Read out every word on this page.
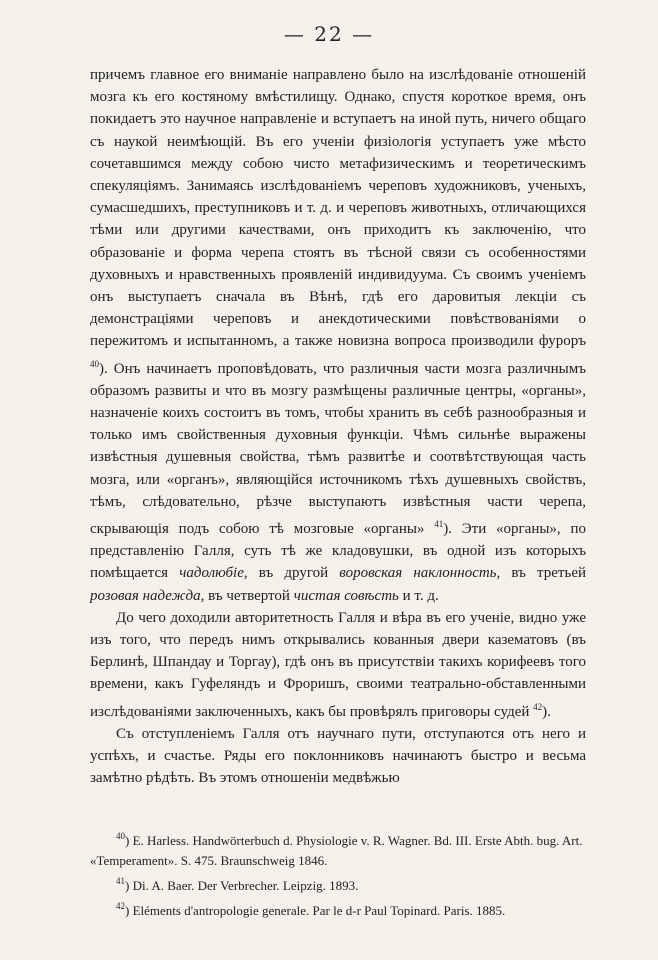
— 22 —

причемъ главное его вниманіе направлено было на изслѣдованіе отношеній мозга къ его костяному вмѣстилищу. Однако, спустя короткое время, онъ покидаетъ это научное направленіе и вступаетъ на иной путь, ничего общаго съ наукой неимѣющій. Въ его ученіи физіологія уступаетъ уже мѣсто сочетавшимся между собою чисто метафизическимъ и теоретическимъ спекуляціямъ. Занимаясь изслѣдованіемъ череповъ художниковъ, ученыхъ, сумасшедшихъ, преступниковъ и т. д. и череповъ животныхъ, отличающихся тѣми или другими качествами, онъ приходитъ къ заключенію, что образованіе и форма черепа стоятъ въ тѣсной связи съ особенностями духовныхъ и нравственныхъ проявленій индивидуума. Съ своимъ ученіемъ онъ выступаетъ сначала въ Вѣнѣ, гдѣ его даровитыя лекціи съ демонстраціями череповъ и анекдотическими повѣствованіями о пережитомъ и испытанномъ, а также новизна вопроса производили фуроръ $^{40}$). Онъ начинаетъ проповѣдовать, что различныя части мозга различнымъ образомъ развиты и что въ мозгу размѣщены различные центры, «органы», назначеніе коихъ состоитъ въ томъ, чтобы хранить въ себѣ разнообразныя и только имъ свойственныя духовныя функціи. Чѣмъ сильнѣе выражены извѣстныя душевныя свойства, тѣмъ развитѣе и соотвѣтствующая часть мозга, или «органъ», являющійся источникомъ тѣхъ душевныхъ свойствъ, тѣмъ, слѣдовательно, рѣзче выступаютъ извѣстныя части черепа, скрывающія подъ собою тѣ мозговые «органы» $^{41}$). Эти «органы», по представленію Галля, суть тѣ же кладовушки, въ одной изъ которыхъ помѣщается чадолюбіе, въ другой воровская наклонность, въ третьей розовая надежда, въ четвертой чистая совѣсть и т. д.

До чего доходили авторитетность Галля и вѣра въ его ученіе, видно уже изъ того, что передъ нимъ открывались кованныя двери казематовъ (въ Берлинѣ, Шпандау и Торгау), гдѣ онъ въ присутствіи такихъ корифеевъ того времени, какъ Гуфеляндъ и Фроришъ, своими театрально-обставленными изслѣдованіями заключенныхъ, какъ бы провѣрялъ приговоры судей $^{42}$).

Съ отступленіемъ Галля отъ научнаго пути, отступаются отъ него и успѣхъ, и счастье. Ряды его поклонниковъ начинаютъ быстро и весьма замѣтно рѣдѣть. Въ этомъ отношеніи медвѣжью

$^{40}$) E. Harless. Handwörterbuch d. Physiologie v. R. Wagner. Bd. III. Erste Abth. bug. Art. «Temperament». S. 475. Braunschweig 1846.

$^{41}$) Di. A. Baer. Der Verbrecher. Leipzig. 1893.

$^{42}$) Eléments d'antropologie generale. Par le d-r Paul Topinard. Paris. 1885.
